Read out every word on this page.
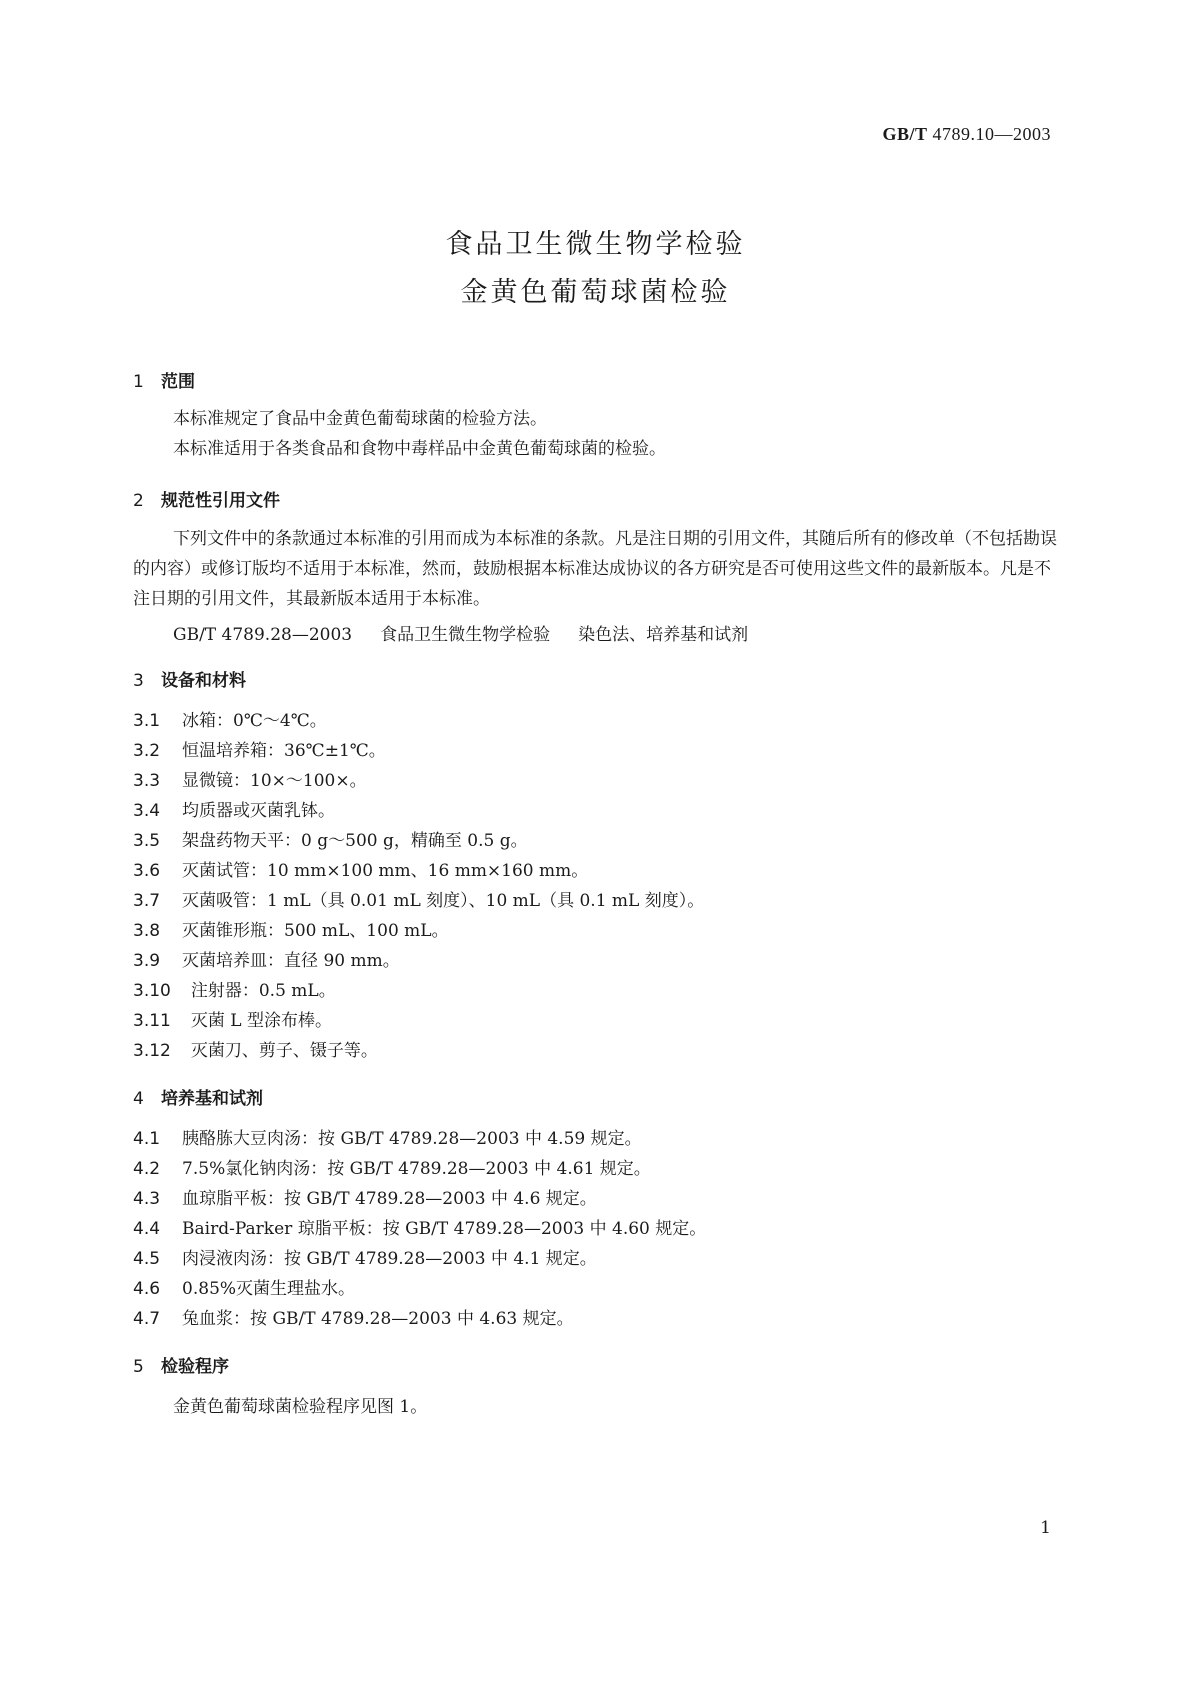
GB/T 4789.10—2003
食品卫生微生物学检验
金黄色葡萄球菌检验
1 范围
本标准规定了食品中金黄色葡萄球菌的检验方法。
本标准适用于各类食品和食物中毒样品中金黄色葡萄球菌的检验。
2 规范性引用文件
下列文件中的条款通过本标准的引用而成为本标准的条款。凡是注日期的引用文件，其随后所有的修改单（不包括勘误的内容）或修订版均不适用于本标准，然而，鼓励根据本标准达成协议的各方研究是否可使用这些文件的最新版本。凡是不注日期的引用文件，其最新版本适用于本标准。
GB/T 4789.28—2003 食品卫生微生物学检验 染色法、培养基和试剂
3 设备和材料
3.1 冰箱：0℃～4℃。
3.2 恒温培养箱：36℃±1℃。
3.3 显微镜：10×～100×。
3.4 均质器或灭菌乳钵。
3.5 架盘药物天平：0 g～500 g，精确至 0.5 g。
3.6 灭菌试管：10 mm×100 mm、16 mm×160 mm。
3.7 灭菌吸管：1 mL（具 0.01 mL 刻度）、10 mL（具 0.1 mL 刻度）。
3.8 灭菌锥形瓶：500 mL、100 mL。
3.9 灭菌培养皿：直径 90 mm。
3.10 注射器：0.5 mL。
3.11 灭菌 L 型涂布棒。
3.12 灭菌刀、剪子、镊子等。
4 培养基和试剂
4.1 胰酪胨大豆肉汤：按 GB/T 4789.28—2003 中 4.59 规定。
4.2 7.5%氯化钠肉汤：按 GB/T 4789.28—2003 中 4.61 规定。
4.3 血琼脂平板：按 GB/T 4789.28—2003 中 4.6 规定。
4.4 Baird-Parker 琼脂平板：按 GB/T 4789.28—2003 中 4.60 规定。
4.5 肉浸液肉汤：按 GB/T 4789.28—2003 中 4.1 规定。
4.6 0.85%灭菌生理盐水。
4.7 兔血浆：按 GB/T 4789.28—2003 中 4.63 规定。
5 检验程序
金黄色葡萄球菌检验程序见图 1。
1
